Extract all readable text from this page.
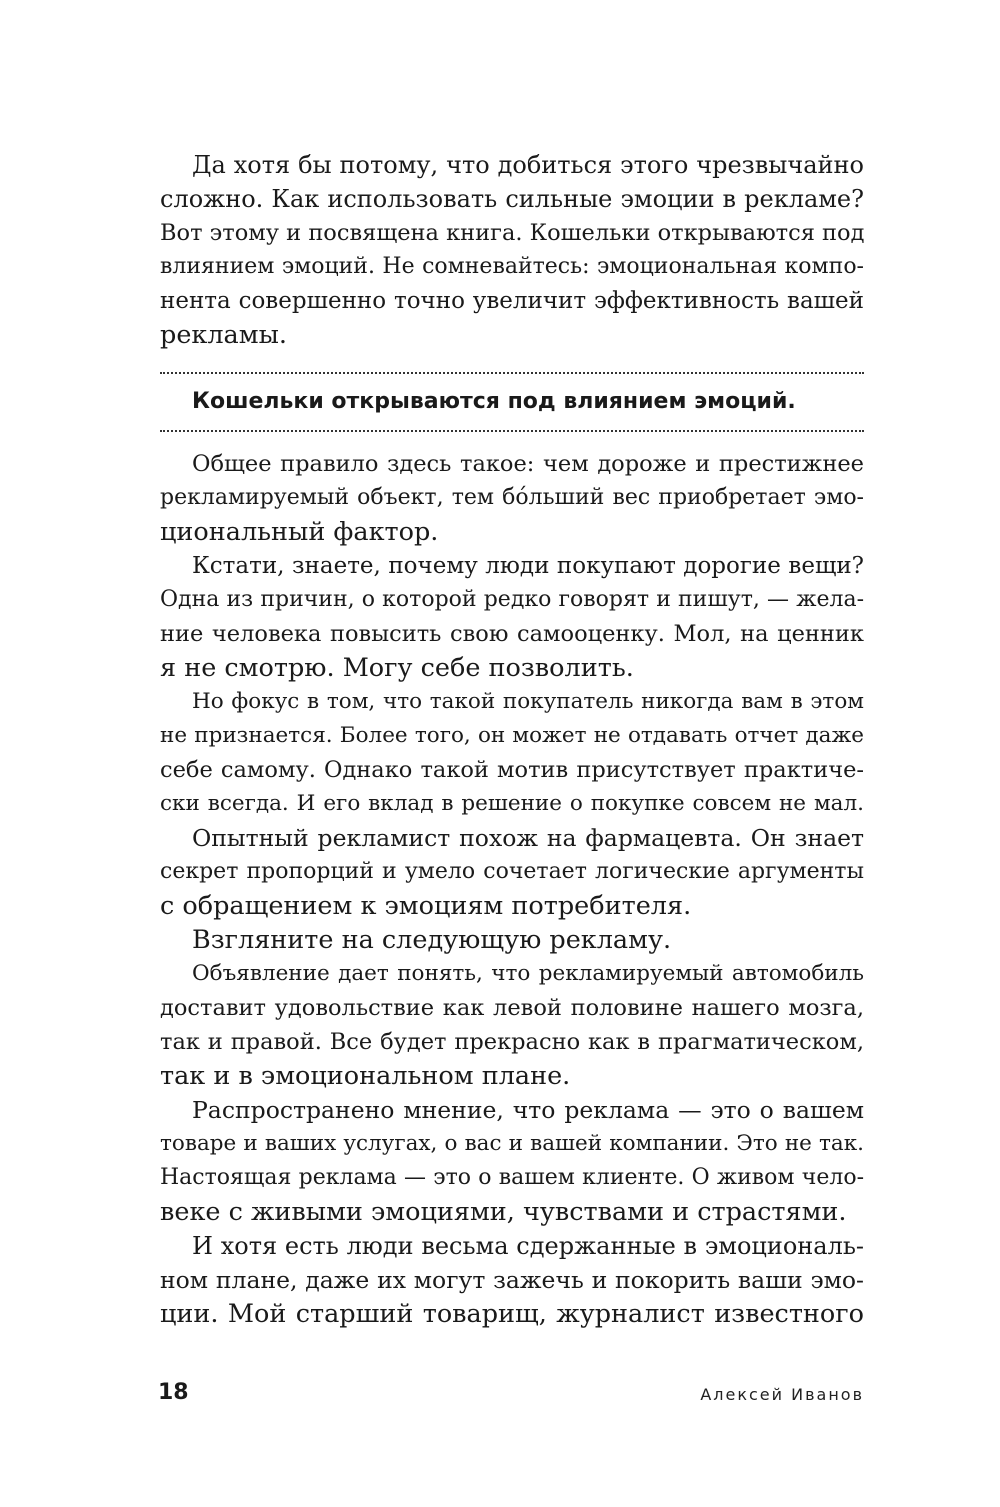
Да хотя бы потому, что добиться этого чрезвычайно
сложно. Как использовать сильные эмоции в рекламе?
Вот этому и посвящена книга. Кошельки открываются под
влиянием эмоций. Не сомневайтесь: эмоциональная компо-
нента совершенно точно увеличит эффективность вашей
рекламы.
Кошельки открываются под влиянием эмоций.
Общее правило здесь такое: чем дороже и престижнее
рекламируемый объект, тем бо́льший вес приобретает эмо-
циональный фактор.
Кстати, знаете, почему люди покупают дорогие вещи?
Одна из причин, о которой редко говорят и пишут, — жела-
ние человека повысить свою самооценку. Мол, на ценник
я не смотрю. Могу себе позволить.
Но фокус в том, что такой покупатель никогда вам в этом
не признается. Более того, он может не отдавать отчет даже
себе самому. Однако такой мотив присутствует практиче-
ски всегда. И его вклад в решение о покупке совсем не мал.
Опытный рекламист похож на фармацевта. Он знает
секрет пропорций и умело сочетает логические аргументы
с обращением к эмоциям потребителя.
Взгляните на следующую рекламу.
Объявление дает понять, что рекламируемый автомобиль
доставит удовольствие как левой половине нашего мозга,
так и правой. Все будет прекрасно как в прагматическом,
так и в эмоциональном плане.
Распространено мнение, что реклама — это о вашем
товаре и ваших услугах, о вас и вашей компании. Это не так.
Настоящая реклама — это о вашем клиенте. О живом чело-
веке с живыми эмоциями, чувствами и страстями.
И хотя есть люди весьма сдержанные в эмоциональ-
ном плане, даже их могут зажечь и покорить ваши эмо-
ции. Мой старший товарищ, журналист известного
18	Алексей Иванов
